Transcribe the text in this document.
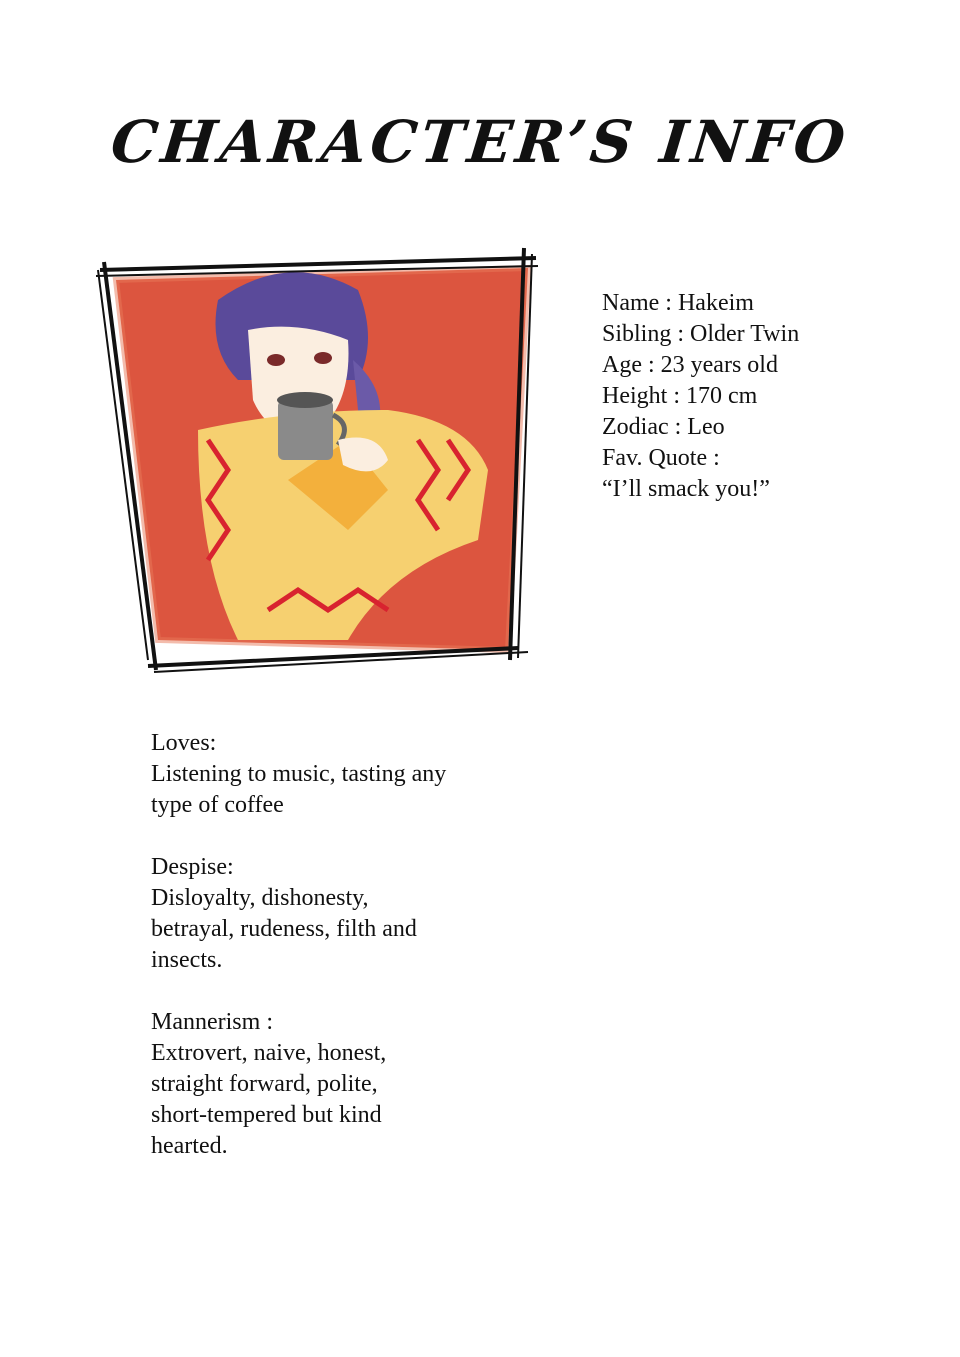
CHARACTER’S INFO
Name : Hakeim
Sibling : Older Twin
Age : 23 years old
Height : 170 cm
Zodiac : Leo
Fav. Quote :
“I’ll smack you!”

Loves:

Listening to music, tasting any

type of coffee

Despise:

Disloyalty, dishonesty,

betrayal, rudeness, filth and

insects.

Mannerism :

Extrovert, naive, honest,

straight forward, polite,

short-tempered but kind

hearted.
